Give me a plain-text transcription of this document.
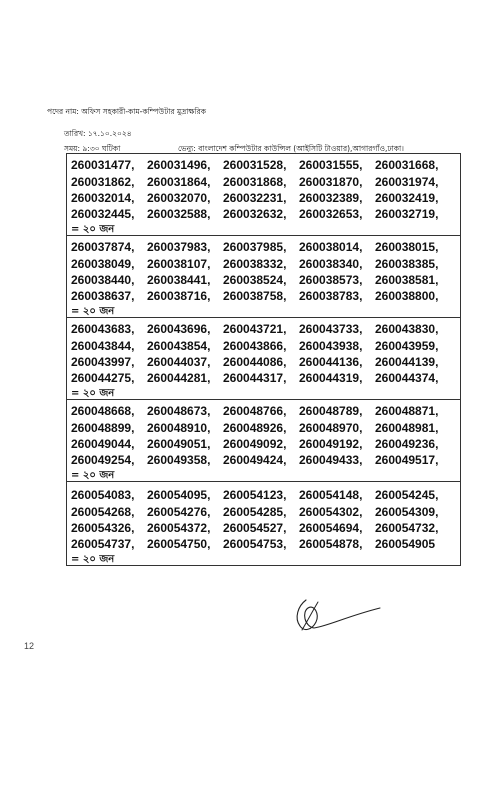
পদের নাম: অফিস সহকারী-কাম-কম্পিউটার মুদ্রাক্ষরিক
তারিখ: ১৭.১০.২০২৪
সময়: ৯:৩০ ঘটিকা	ভেন্যু: বাংলাদেশ কম্পিউটার কাউন্সিল (আইসিটি টাওয়ার),আগারগাঁও,ঢাকা।
260031477,	260031496,	260031528,	260031555,	260031668,
260031862,	260031864,	260031868,	260031870,	260031974,
260032014,	260032070,	260032231,	260032389,	260032419,
260032445,	260032588,	260032632,	260032653,	260032719,
= ২০ জন
260037874,	260037983,	260037985,	260038014,	260038015,
260038049,	260038107,	260038332,	260038340,	260038385,
260038440,	260038441,	260038524,	260038573,	260038581,
260038637,	260038716,	260038758,	260038783,	260038800,
= ২০ জন
260043683,	260043696,	260043721,	260043733,	260043830,
260043844,	260043854,	260043866,	260043938,	260043959,
260043997,	260044037,	260044086,	260044136,	260044139,
260044275,	260044281,	260044317,	260044319,	260044374,
= ২০ জন
260048668,	260048673,	260048766,	260048789,	260048871,
260048899,	260048910,	260048926,	260048970,	260048981,
260049044,	260049051,	260049092,	260049192,	260049236,
260049254,	260049358,	260049424,	260049433,	260049517,
= ২০ জন
260054083,	260054095,	260054123,	260054148,	260054245,
260054268,	260054276,	260054285,	260054302,	260054309,
260054326,	260054372,	260054527,	260054694,	260054732,
260054737,	260054750,	260054753,	260054878,	260054905
= ২০ জন
12
